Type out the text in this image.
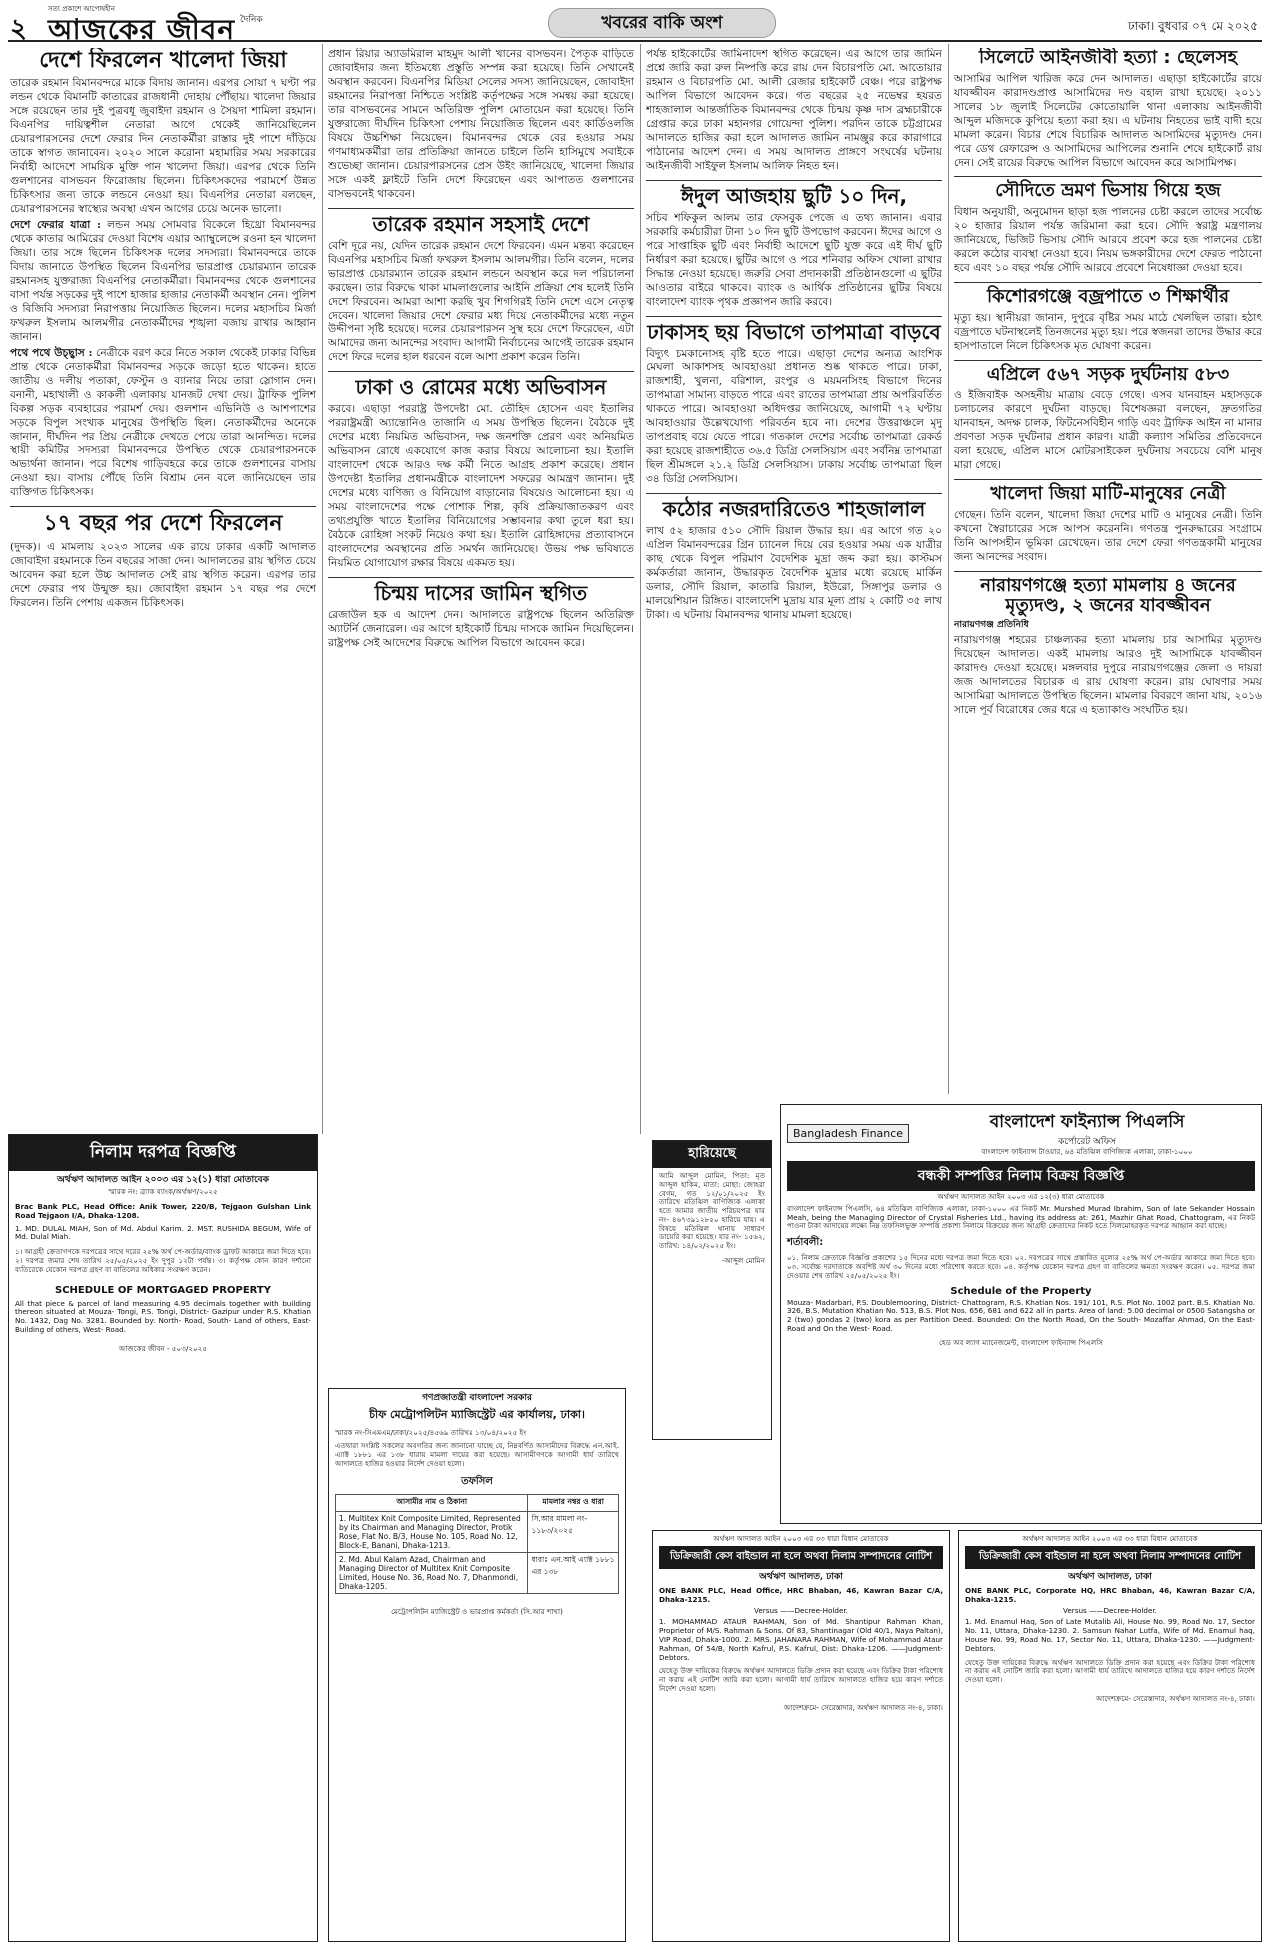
২
সত্য প্রকাশে আপোষহীন
আজকের জীবন দৈনিক	খবরের বাকি অংশ	ঢাকা। বুধবার ০৭ মে ২০২৫
দেশে ফিরলেন খালেদা জিয়া

তারেক রহমান বিমানবন্দরে মাকে বিদায় জানান। এরপর সোয়া ৭ ঘণ্টা পর লন্ডন থেকে বিমানটি কাতারের রাজধানী দোহায় পৌঁছায়। খালেদা জিয়ার সঙ্গে রয়েছেন তার দুই পুত্রবধূ জুবাইদা রহমান ও সৈয়দা শামিলা রহমান। বিএনপির দায়িত্বশীল নেতারা আগে থেকেই জানিয়েছিলেন চেয়ারপারসনের দেশে ফেরার দিন নেতাকর্মীরা রাস্তার দুই পাশে দাঁড়িয়ে তাকে স্বাগত জানাবেন। ২০২০ সালে করোনা মহামারির সময় সরকারের নির্বাহী আদেশে সাময়িক মুক্তি পান খালেদা জিয়া। এরপর থেকে তিনি গুলশানের বাসভবন ফিরোজায় ছিলেন। চিকিৎসকদের পরামর্শে উন্নত চিকিৎসার জন্য তাকে লন্ডনে নেওয়া হয়। বিএনপির নেতারা বলছেন, চেয়ারপারসনের স্বাস্থ্যের অবস্থা এখন আগের চেয়ে অনেক ভালো।

দেশে ফেরার যাত্রা : লন্ডন সময় সোমবার বিকেলে হিথ্রো বিমানবন্দর থেকে কাতার আমিরের দেওয়া বিশেষ এয়ার অ্যাম্বুলেন্সে রওনা হন খালেদা জিয়া। তার সঙ্গে ছিলেন চিকিৎসক দলের সদস্যরা। বিমানবন্দরে তাকে বিদায় জানাতে উপস্থিত ছিলেন বিএনপির ভারপ্রাপ্ত চেয়ারম্যান তারেক রহমানসহ যুক্তরাজ্য বিএনপির নেতাকর্মীরা। বিমানবন্দর থেকে গুলশানের বাসা পর্যন্ত সড়কের দুই পাশে হাজার হাজার নেতাকর্মী অবস্থান নেন। পুলিশ ও বিজিবি সদস্যরা নিরাপত্তায় নিয়োজিত ছিলেন। দলের মহাসচিব মির্জা ফখরুল ইসলাম আলমগীর নেতাকর্মীদের শৃঙ্খলা বজায় রাখার আহ্বান জানান।

পথে পথে উচ্ছ্বাস : নেত্রীকে বরণ করে নিতে সকাল থেকেই ঢাকার বিভিন্ন প্রান্ত থেকে নেতাকর্মীরা বিমানবন্দর সড়কে জড়ো হতে থাকেন। হাতে জাতীয় ও দলীয় পতাকা, ফেস্টুন ও ব্যানার নিয়ে তারা স্লোগান দেন। বনানী, মহাখালী ও কাকলী এলাকায় যানজট দেখা দেয়। ট্রাফিক পুলিশ বিকল্প সড়ক ব্যবহারের পরামর্শ দেয়। গুলশান এভিনিউ ও আশপাশের সড়কে বিপুল সংখ্যক মানুষের উপস্থিতি ছিল। নেতাকর্মীদের অনেকে জানান, দীর্ঘদিন পর প্রিয় নেত্রীকে দেখতে পেয়ে তারা আনন্দিত। দলের স্থায়ী কমিটির সদস্যরা বিমানবন্দরে উপস্থিত থেকে চেয়ারপারসনকে অভ্যর্থনা জানান। পরে বিশেষ গাড়িবহরে করে তাকে গুলশানের বাসায় নেওয়া হয়। বাসায় পৌঁছে তিনি বিশ্রাম নেন বলে জানিয়েছেন তার ব্যক্তিগত চিকিৎসক।

১৭ বছর পর দেশে ফিরলেন

(দুদক)। এ মামলায় ২০২৩ সালের এক রায়ে ঢাকার একটি আদালত জোবাইদা রহমানকে তিন বছরের সাজা দেন। আদালতের রায় স্থগিত চেয়ে আবেদন করা হলে উচ্চ আদালত সেই রায় স্থগিত করেন। এরপর তার দেশে ফেরার পথ উন্মুক্ত হয়। জোবাইদা রহমান ১৭ বছর পর দেশে ফিরলেন। তিনি পেশায় একজন চিকিৎসক।

নিলাম দরপত্র বিজ্ঞপ্তি
অর্থঋণ আদালত আইন ২০০৩ এর ১২(১) ধারা মোতাবেক
স্মারক নং: ব্র্যাক ব্যাংক/অর্থঋণ/২০২৫

Brac Bank PLC, Head Office: Anik Tower, 220/B, Tejgaon Gulshan Link Road Tejgaon I/A, Dhaka-1208.

1. MD. DULAL MIAH, Son of Md. Abdul Karim. 2. MST. RUSHIDA BEGUM, Wife of Md. Dulal Miah.

১। আগ্রহী ক্রেতাগণকে দরপত্রের সাথে দরের ২৫% অর্থ পে-অর্ডার/ব্যাংক ড্রাফট আকারে জমা দিতে হবে। ২। দরপত্র জমার শেষ তারিখ ২৫/০৫/২০২৫ ইং দুপুর ১২টা পর্যন্ত। ৩। কর্তৃপক্ষ কোন কারণ দর্শানো ব্যতিরেকে যেকোন দরপত্র গ্রহণ বা বাতিলের অধিকার সংরক্ষণ করেন।

SCHEDULE OF MORTGAGED PROPERTY

All that piece & parcel of land measuring 4.95 decimals together with building thereon situated at Mouza- Tongi, P.S. Tongi, District- Gazipur under R.S. Khatian No. 1432, Dag No. 3281. Bounded by: North- Road, South- Land of others, East- Building of others, West- Road.

আজকের জীবন - ৫০৩/২০২৫

প্রধান রিয়ার অ্যাডমিরাল মাহমুদ আলী খানের বাসভবন। পৈতৃক বাড়িতে জোবাইদার জন্য ইতিমধ্যে প্রস্তুতি সম্পন্ন করা হয়েছে। তিনি সেখানেই অবস্থান করবেন। বিএনপির মিডিয়া সেলের সদস্য জানিয়েছেন, জোবাইদা রহমানের নিরাপত্তা নিশ্চিতে সংশ্লিষ্ট কর্তৃপক্ষের সঙ্গে সমন্বয় করা হয়েছে। তার বাসভবনের সামনে অতিরিক্ত পুলিশ মোতায়েন করা হয়েছে। তিনি যুক্তরাজ্যে দীর্ঘদিন চিকিৎসা পেশায় নিয়োজিত ছিলেন এবং কার্ডিওলজি বিষয়ে উচ্চশিক্ষা নিয়েছেন। বিমানবন্দর থেকে বের হওয়ার সময় গণমাধ্যমকর্মীরা তার প্রতিক্রিয়া জানতে চাইলে তিনি হাসিমুখে সবাইকে শুভেচ্ছা জানান। চেয়ারপারসনের প্রেস উইং জানিয়েছে, খালেদা জিয়ার সঙ্গে একই ফ্লাইটে তিনি দেশে ফিরেছেন এবং আপাতত গুলশানের বাসভবনেই থাকবেন।

তারেক রহমান সহসাই দেশে

বেশি দূরে নয়, যেদিন তারেক রহমান দেশে ফিরবেন। এমন মন্তব্য করেছেন বিএনপির মহাসচিব মির্জা ফখরুল ইসলাম আলমগীর। তিনি বলেন, দলের ভারপ্রাপ্ত চেয়ারম্যান তারেক রহমান লন্ডনে অবস্থান করে দল পরিচালনা করছেন। তার বিরুদ্ধে থাকা মামলাগুলোর আইনি প্রক্রিয়া শেষ হলেই তিনি দেশে ফিরবেন। আমরা আশা করছি খুব শিগগিরই তিনি দেশে এসে নেতৃত্ব দেবেন। খালেদা জিয়ার দেশে ফেরার মধ্য দিয়ে নেতাকর্মীদের মধ্যে নতুন উদ্দীপনা সৃষ্টি হয়েছে। দলের চেয়ারপারসন সুস্থ হয়ে দেশে ফিরেছেন, এটা আমাদের জন্য আনন্দের সংবাদ। আগামী নির্বাচনের আগেই তারেক রহমান দেশে ফিরে দলের হাল ধরবেন বলে আশা প্রকাশ করেন তিনি।

ঢাকা ও রোমের মধ্যে অভিবাসন

করবে। এছাড়া পররাষ্ট্র উপদেষ্টা মো. তৌহিদ হোসেন এবং ইতালির পররাষ্ট্রমন্ত্রী অ্যান্তোনিও তাজানি এ সময় উপস্থিত ছিলেন। বৈঠকে দুই দেশের মধ্যে নিয়মিত অভিবাসন, দক্ষ জনশক্তি প্রেরণ এবং অনিয়মিত অভিবাসন রোধে একযোগে কাজ করার বিষয়ে আলোচনা হয়। ইতালি বাংলাদেশ থেকে আরও দক্ষ কর্মী নিতে আগ্রহ প্রকাশ করেছে। প্রধান উপদেষ্টা ইতালির প্রধানমন্ত্রীকে বাংলাদেশ সফরের আমন্ত্রণ জানান। দুই দেশের মধ্যে বাণিজ্য ও বিনিয়োগ বাড়ানোর বিষয়েও আলোচনা হয়। এ সময় বাংলাদেশের পক্ষে পোশাক শিল্প, কৃষি প্রক্রিয়াজাতকরণ এবং তথ্যপ্রযুক্তি খাতে ইতালির বিনিয়োগের সম্ভাবনার কথা তুলে ধরা হয়। বৈঠকে রোহিঙ্গা সংকট নিয়েও কথা হয়। ইতালি রোহিঙ্গাদের প্রত্যাবাসনে বাংলাদেশের অবস্থানের প্রতি সমর্থন জানিয়েছে। উভয় পক্ষ ভবিষ্যতে নিয়মিত যোগাযোগ রক্ষার বিষয়ে একমত হয়।

চিন্ময় দাসের জামিন স্থগিত

রেজাউল হক এ আদেশ দেন। আদালতে রাষ্ট্রপক্ষে ছিলেন অতিরিক্ত অ্যাটর্নি জেনারেল। এর আগে হাইকোর্ট চিন্ময় দাসকে জামিন দিয়েছিলেন। রাষ্ট্রপক্ষ সেই আদেশের বিরুদ্ধে আপিল বিভাগে আবেদন করে।

গণপ্রজাতন্ত্রী বাংলাদেশ সরকার
চীফ মেট্রোপলিটন ম্যাজিস্ট্রেট এর কার্যালয়, ঢাকা।
স্মারক নং-সিএমএম/ঢাকা/২০২৫/৪৫৬৯ তারিখঃ ১৩/০৪/২০২৫ ইং

এতদ্বারা সংশ্লিষ্ট সকলের অবগতির জন্য জানানো যাচ্ছে যে, নিম্নবর্ণিত আসামীদের বিরুদ্ধে এন.আই. এ্যাক্ট ১৮৮১ এর ১৩৮ ধারায় মামলা দায়ের করা হয়েছে। আসামীগণকে আগামী ধার্য তারিখে আদালতে হাজির হওয়ার নির্দেশ দেওয়া হলো।

তফসিল
আসামীর নাম ও ঠিকানা	মামলার নম্বর ও ধারা
1. Multitex Knit Composite Limited, Represented by its Chairman and Managing Director, Protik Rose, Flat No. B/3, House No. 105, Road No. 12, Block-E, Banani, Dhaka-1213.	সি.আর মামলা নং- ১১৮৩/২০২৫
2. Md. Abul Kalam Azad, Chairman and Managing Director of Multitex Knit Composite Limited, House No. 36, Road No. 7, Dhanmondi, Dhaka-1205.	ধারাঃ এন.আই এ্যাক্ট ১৮৮১ এর ১৩৮
মেট্রোপলিটন ম্যাজিস্ট্রেট ও ভারপ্রাপ্ত কর্মকর্তা (সি.আর শাখা)

পর্যন্ত হাইকোর্টের জামিনাদেশ স্থগিত করেছেন। এর আগে তার জামিন প্রশ্নে জারি করা রুল নিষ্পত্তি করে রায় দেন বিচারপতি মো. আতোয়ার রহমান ও বিচারপতি মো. আলী রেজার হাইকোর্ট বেঞ্চ। পরে রাষ্ট্রপক্ষ আপিল বিভাগে আবেদন করে। গত বছরের ২৫ নভেম্বর হযরত শাহজালাল আন্তর্জাতিক বিমানবন্দর থেকে চিন্ময় কৃষ্ণ দাস ব্রহ্মচারীকে গ্রেপ্তার করে ঢাকা মহানগর গোয়েন্দা পুলিশ। পরদিন তাকে চট্টগ্রামের আদালতে হাজির করা হলে আদালত জামিন নামঞ্জুর করে কারাগারে পাঠানোর আদেশ দেন। এ সময় আদালত প্রাঙ্গণে সংঘর্ষের ঘটনায় আইনজীবী সাইফুল ইসলাম আলিফ নিহত হন।

ঈদুল আজহায় ছুটি ১০ দিন,

সচিব শফিকুল আলম তার ফেসবুক পেজে এ তথ্য জানান। এবার সরকারি কর্মচারীরা টানা ১০ দিন ছুটি উপভোগ করবেন। ঈদের আগে ও পরে সাপ্তাহিক ছুটি এবং নির্বাহী আদেশে ছুটি যুক্ত করে এই দীর্ঘ ছুটি নির্ধারণ করা হয়েছে। ছুটির আগে ও পরে শনিবার অফিস খোলা রাখার সিদ্ধান্ত নেওয়া হয়েছে। জরুরি সেবা প্রদানকারী প্রতিষ্ঠানগুলো এ ছুটির আওতার বাইরে থাকবে। ব্যাংক ও আর্থিক প্রতিষ্ঠানের ছুটির বিষয়ে বাংলাদেশ ব্যাংক পৃথক প্রজ্ঞাপন জারি করবে।

ঢাকাসহ ছয় বিভাগে তাপমাত্রা বাড়বে

বিদ্যুৎ চমকানোসহ বৃষ্টি হতে পারে। এছাড়া দেশের অন্যত্র আংশিক মেঘলা আকাশসহ আবহাওয়া প্রধানত শুষ্ক থাকতে পারে। ঢাকা, রাজশাহী, খুলনা, বরিশাল, রংপুর ও ময়মনসিংহ বিভাগে দিনের তাপমাত্রা সামান্য বাড়তে পারে এবং রাতের তাপমাত্রা প্রায় অপরিবর্তিত থাকতে পারে। আবহাওয়া অধিদপ্তর জানিয়েছে, আগামী ৭২ ঘণ্টায় আবহাওয়ার উল্লেখযোগ্য পরিবর্তন হবে না। দেশের উত্তরাঞ্চলে মৃদু তাপপ্রবাহ বয়ে যেতে পারে। গতকাল দেশের সর্বোচ্চ তাপমাত্রা রেকর্ড করা হয়েছে রাজশাহীতে ৩৬.৫ ডিগ্রি সেলসিয়াস এবং সর্বনিম্ন তাপমাত্রা ছিল শ্রীমঙ্গলে ২১.২ ডিগ্রি সেলসিয়াস। ঢাকায় সর্বোচ্চ তাপমাত্রা ছিল ৩৪ ডিগ্রি সেলসিয়াস।

কঠোর নজরদারিতেও শাহজালাল

লাখ ৫২ হাজার ৫১০ সৌদি রিয়াল উদ্ধার হয়। এর আগে গত ২০ এপ্রিল বিমানবন্দরের গ্রিন চ্যানেল দিয়ে বের হওয়ার সময় এক যাত্রীর কাছ থেকে বিপুল পরিমাণ বৈদেশিক মুদ্রা জব্দ করা হয়। কাস্টমস কর্মকর্তারা জানান, উদ্ধারকৃত বৈদেশিক মুদ্রার মধ্যে রয়েছে মার্কিন ডলার, সৌদি রিয়াল, কাতারি রিয়াল, ইউরো, সিঙ্গাপুর ডলার ও মালয়েশিয়ান রিঙ্গিত। বাংলাদেশি মুদ্রায় যার মূল্য প্রায় ২ কোটি ৩৫ লাখ টাকা। এ ঘটনায় বিমানবন্দর থানায় মামলা হয়েছে।

হারিয়েছে

আমি আব্দুল মোমিন, পিতা: মৃত আব্দুল হাকিম, মাতা: মোছা: জোহরা বেগম, গত ১২/০১/২০২৫ ইং তারিখে মতিঝিল বাণিজ্যিক এলাকা হতে আমার জাতীয় পরিচয়পত্র যার নং- ৪৬৭৩৯১২৮৫০ হারিয়ে যায়। এ বিষয়ে মতিঝিল থানায় সাধারণ ডায়েরি করা হয়েছে। যার নং- ১৫৬২, তারিখ: ১৪/০২/২০২৫ ইং।

-আব্দুল মোমিন
সিলেটে আইনজীবী হত্যা : ছেলেসহ

আসামির আপিল খারিজ করে দেন আদালত। এছাড়া হাইকোর্টের রায়ে যাবজ্জীবন কারাদণ্ডপ্রাপ্ত আসামিদের দণ্ড বহাল রাখা হয়েছে। ২০১১ সালের ১৮ জুলাই সিলেটের কোতোয়ালি থানা এলাকায় আইনজীবী আব্দুল মজিদকে কুপিয়ে হত্যা করা হয়। এ ঘটনায় নিহতের ভাই বাদী হয়ে মামলা করেন। বিচার শেষে বিচারিক আদালত আসামিদের মৃত্যুদণ্ড দেন। পরে ডেথ রেফারেন্স ও আসামিদের আপিলের শুনানি শেষে হাইকোর্ট রায় দেন। সেই রায়ের বিরুদ্ধে আপিল বিভাগে আবেদন করে আসামিপক্ষ।

সৌদিতে ভ্রমণ ভিসায় গিয়ে হজ

বিধান অনুযায়ী, অনুমোদন ছাড়া হজ পালনের চেষ্টা করলে তাদের সর্বোচ্চ ২০ হাজার রিয়াল পর্যন্ত জরিমানা করা হবে। সৌদি স্বরাষ্ট্র মন্ত্রণালয় জানিয়েছে, ভিজিট ভিসায় সৌদি আরবে প্রবেশ করে হজ পালনের চেষ্টা করলে কঠোর ব্যবস্থা নেওয়া হবে। নিয়ম ভঙ্গকারীদের দেশে ফেরত পাঠানো হবে এবং ১০ বছর পর্যন্ত সৌদি আরবে প্রবেশে নিষেধাজ্ঞা দেওয়া হবে।

কিশোরগঞ্জে বজ্রপাতে ৩ শিক্ষার্থীর

মৃত্যু হয়। স্থানীয়রা জানান, দুপুরে বৃষ্টির সময় মাঠে খেলছিল তারা। হঠাৎ বজ্রপাতে ঘটনাস্থলেই তিনজনের মৃত্যু হয়। পরে স্বজনরা তাদের উদ্ধার করে হাসপাতালে নিলে চিকিৎসক মৃত ঘোষণা করেন।

এপ্রিলে ৫৬৭ সড়ক দুর্ঘটনায় ৫৮৩

ও ইজিবাইক অসহনীয় মাত্রায় বেড়ে গেছে। এসব যানবাহন মহাসড়কে চলাচলের কারণে দুর্ঘটনা বাড়ছে। বিশেষজ্ঞরা বলছেন, দ্রুতগতির যানবাহন, অদক্ষ চালক, ফিটনেসবিহীন গাড়ি এবং ট্রাফিক আইন না মানার প্রবণতা সড়ক দুর্ঘটনার প্রধান কারণ। যাত্রী কল্যাণ সমিতির প্রতিবেদনে বলা হয়েছে, এপ্রিল মাসে মোটরসাইকেল দুর্ঘটনায় সবচেয়ে বেশি মানুষ মারা গেছে।

খালেদা জিয়া মাটি-মানুষের নেত্রী

গেছেন। তিনি বলেন, খালেদা জিয়া দেশের মাটি ও মানুষের নেত্রী। তিনি কখনো স্বৈরাচারের সঙ্গে আপস করেননি। গণতন্ত্র পুনরুদ্ধারের সংগ্রামে তিনি আপসহীন ভূমিকা রেখেছেন। তার দেশে ফেরা গণতন্ত্রকামী মানুষের জন্য আনন্দের সংবাদ।

নারায়ণগঞ্জে হত্যা মামলায় ৪ জনের মৃত্যুদণ্ড, ২ জনের যাবজ্জীবন
নারায়ণগঞ্জ প্রতিনিধি

নারায়ণগঞ্জ শহরের চাঞ্চল্যকর হত্যা মামলায় চার আসামির মৃত্যুদণ্ড দিয়েছেন আদালত। একই মামলায় আরও দুই আসামিকে যাবজ্জীবন কারাদণ্ড দেওয়া হয়েছে। মঙ্গলবার দুপুরে নারায়ণগঞ্জের জেলা ও দায়রা জজ আদালতের বিচারক এ রায় ঘোষণা করেন। রায় ঘোষণার সময় আসামিরা আদালতে উপস্থিত ছিলেন। মামলার বিবরণে জানা যায়, ২০১৬ সালে পূর্ব বিরোধের জের ধরে এ হত্যাকাণ্ড সংঘটিত হয়।

Bangladesh Finance
বাংলাদেশ ফাইন্যান্স পিএলসি
কর্পোরেট অফিস
বাংলাদেশ ফাইন্যান্স টাওয়ার, ৬৪ মতিঝিল বাণিজ্যিক এলাকা, ঢাকা-১০০০
বন্ধকী সম্পত্তির নিলাম বিক্রয় বিজ্ঞপ্তি
অর্থঋণ আদালত আইন ২০০৩ এর ১২(৩) ধারা মোতাবেক

বাংলাদেশ ফাইন্যান্স পিএলসি, ৬৪ মতিঝিল বাণিজ্যিক এলাকা, ঢাকা-১০০০ এর নিকট Mr. Murshed Murad Ibrahim, Son of late Sekander Hossain Meah, being the Managing Director of Crystal Fisheries Ltd., having its address at: 261, Mazhir Ghat Road, Chattogram, এর নিকট পাওনা টাকা আদায়ের লক্ষ্যে নিম্ন তফসিলভুক্ত সম্পত্তি প্রকাশ্য নিলামে বিক্রয়ের জন্য আগ্রহী ক্রেতাদের নিকট হতে সিলমোহরকৃত দরপত্র আহ্বান করা যাচ্ছে।

শর্তাবলী:

০১. নিলাম ক্রেতাকে বিজ্ঞপ্তি প্রকাশের ১৫ দিনের মধ্যে দরপত্র জমা দিতে হবে। ০২. দরপত্রের সাথে প্রস্তাবিত মূল্যের ২৫% অর্থ পে-অর্ডার আকারে জমা দিতে হবে। ০৩. সর্বোচ্চ দরদাতাকে অবশিষ্ট অর্থ ৩০ দিনের মধ্যে পরিশোধ করতে হবে। ০৪. কর্তৃপক্ষ যেকোন দরপত্র গ্রহণ বা বাতিলের ক্ষমতা সংরক্ষণ করেন। ০৫. দরপত্র জমা দেওয়ার শেষ তারিখ ২৫/০৫/২০২৫ ইং।

Schedule of the Property

Mouza- Madarbari, P.S. Doublemooring, District- Chattogram, R.S. Khatian Nos. 191/ 101, R.S. Plot No. 1002 part. B.S. Khatian No. 326, B.S. Mutation Khatian No. 513, B.S. Plot Nos. 656, 681 and 622 all in parts. Area of land: 5.00 decimal or 0500 Satangsha or 2 (two) gondas 2 (two) kora as per Partition Deed. Bounded: On the North Road, On the South- Mozaffar Ahmad, On the East-Road and On the West- Road.

হেড অব ল্যাগ ম্যানেজমেন্ট, বাংলাদেশ ফাইন্যান্স পিএলসি
অর্থঋণ আদালত আইন ২০০৩ এর ৩৩ ধারা বিধান মোতাবেক
ডিক্রিজারী কেস বাইন্ডাল না হলে অথবা নিলাম সম্পাদনের নোটিশ
অর্থঋণ আদালত, ঢাকা

ONE BANK PLC, Head Office, HRC Bhaban, 46, Kawran Bazar C/A, Dhaka-1215.

Versus ——Decree-Holder.

1. MOHAMMAD ATAUR RAHMAN, Son of Md. Shantipur Rahman Khan, Proprietor of M/S. Rahman & Sons. Of 83, Shantinagar (Old 40/1, Naya Paltan), VIP Road, Dhaka-1000. 2. MRS. JAHANARA RAHMAN, Wife of Mohammad Ataur Rahman, Of 54/B, North Kafrul, P.S. Kafrul, Dist: Dhaka-1206. ——Judgment-Debtors.

যেহেতু উক্ত দায়িকের বিরুদ্ধে অর্থঋণ আদালতে ডিক্রি প্রদান করা হয়েছে এবং ডিক্রির টাকা পরিশোধ না করায় এই নোটিশ জারি করা হলো। আগামী ধার্য তারিখে আদালতে হাজির হয়ে কারণ দর্শাতে নির্দেশ দেওয়া হলো।

আদেশক্রমে- সেরেস্তাদার, অর্থঋণ আদালত নং-৪, ঢাকা।
অর্থঋণ আদালত আইন ২০০৩ এর ৩৩ ধারা বিধান মোতাবেক
ডিক্রিজারী কেস বাইন্ডাল না হলে অথবা নিলাম সম্পাদনের নোটিশ
অর্থঋণ আদালত, ঢাকা

ONE BANK PLC, Corporate HQ, HRC Bhaban, 46, Kawran Bazar C/A, Dhaka-1215.

Versus ——Decree-Holder.

1. Md. Enamul Haq, Son of Late Mutalib Ali, House No. 99, Road No. 17, Sector No. 11, Uttara, Dhaka-1230. 2. Samsun Nahar Lutfa, Wife of Md. Enamul haq, House No. 99, Road No. 17, Sector No. 11, Uttara, Dhaka-1230. ——Judgment-Debtors.

যেহেতু উক্ত দায়িকের বিরুদ্ধে অর্থঋণ আদালতে ডিক্রি প্রদান করা হয়েছে এবং ডিক্রির টাকা পরিশোধ না করায় এই নোটিশ জারি করা হলো। আগামী ধার্য তারিখে আদালতে হাজির হয়ে কারণ দর্শাতে নির্দেশ দেওয়া হলো।

আদেশক্রমে- সেরেস্তাদার, অর্থঋণ আদালত নং-৪, ঢাকা।
